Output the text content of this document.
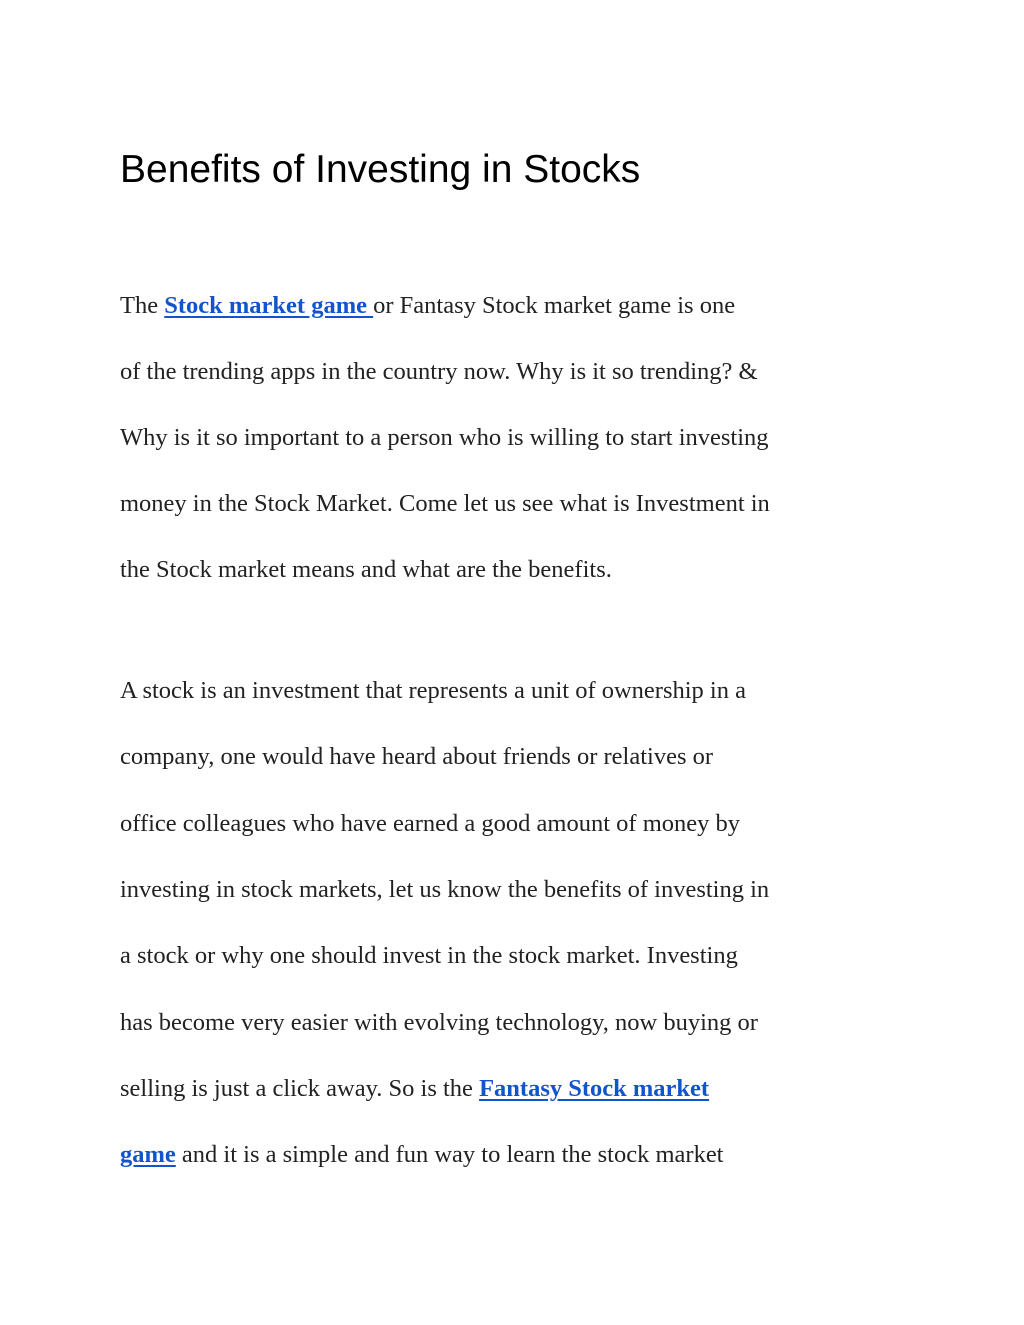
Benefits of Investing in Stocks
The Stock market game or Fantasy Stock market game is one
of the trending apps in the country now. Why is it so trending? &
Why is it so important to a person who is willing to start investing
money in the Stock Market. Come let us see what is Investment in
the Stock market means and what are the benefits.
A stock is an investment that represents a unit of ownership in a
company, one would have heard about friends or relatives or
office colleagues who have earned a good amount of money by
investing in stock markets, let us know the benefits of investing in
a stock or why one should invest in the stock market. Investing
has become very easier with evolving technology, now buying or
selling is just a click away. So is the Fantasy Stock market
game and it is a simple and fun way to learn the stock market
